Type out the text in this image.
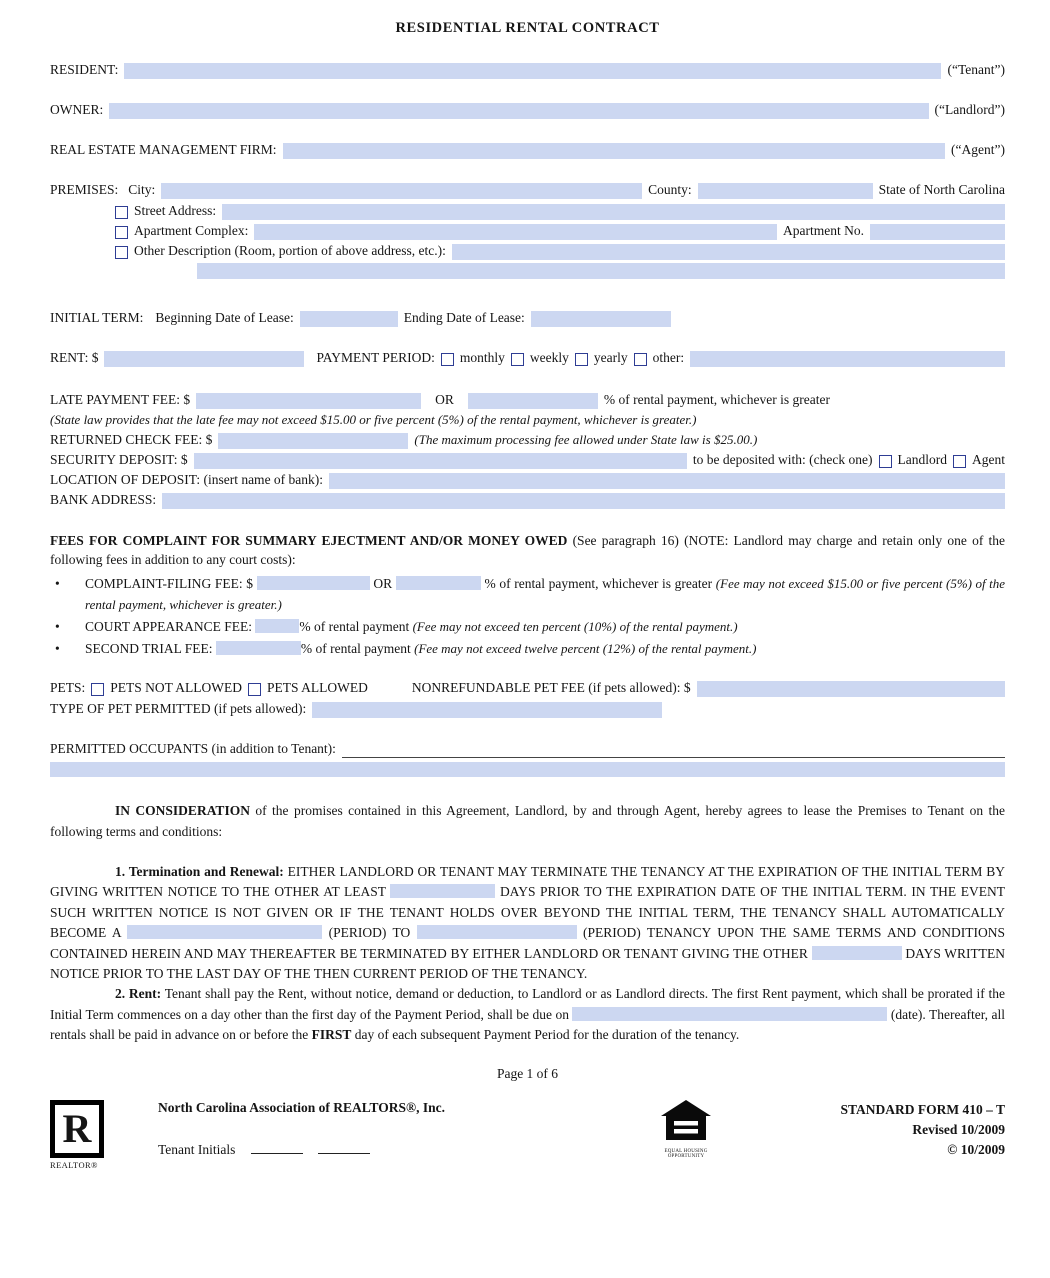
RESIDENTIAL RENTAL CONTRACT
RESIDENT:	(“Tenant”)
OWNER:	(“Landlord”)
REAL ESTATE MANAGEMENT FIRM:	(“Agent”)
PREMISES: City:	County:	State of North Carolina
Street Address:
Apartment Complex:	Apartment No.
Other Description (Room, portion of above address, etc.):
INITIAL TERM: Beginning Date of Lease:	Ending Date of Lease:
RENT: $	PAYMENT PERIOD: monthly weekly yearly other:
LATE PAYMENT FEE: $	OR	% of rental payment, whichever is greater
(State law provides that the late fee may not exceed $15.00 or five percent (5%) of the rental payment, whichever is greater.)
RETURNED CHECK FEE: $	(The maximum processing fee allowed under State law is $25.00.)
SECURITY DEPOSIT: $	to be deposited with: (check one) Landlord Agent
LOCATION OF DEPOSIT: (insert name of bank):
BANK ADDRESS:

FEES FOR COMPLAINT FOR SUMMARY EJECTMENT AND/OR MONEY OWED (See paragraph 16) (NOTE: Landlord may charge and retain only one of the following fees in addition to any court costs):

• COMPLAINT-FILING FEE: $	OR	% of rental payment, whichever is greater (Fee may not exceed $15.00 or five percent (5%) of the rental payment, whichever is greater.)
• COURT APPEARANCE FEE:	% of rental payment (Fee may not exceed ten percent (10%) of the rental payment.)
• SECOND TRIAL FEE:	% of rental payment (Fee may not exceed twelve percent (12%) of the rental payment.)
PETS: PETS NOT ALLOWED PETS ALLOWED	NONREFUNDABLE PET FEE (if pets allowed): $
TYPE OF PET PERMITTED (if pets allowed):
PERMITTED OCCUPANTS (in addition to Tenant):

IN CONSIDERATION of the promises contained in this Agreement, Landlord, by and through Agent, hereby agrees to lease the Premises to Tenant on the following terms and conditions:

1. Termination and Renewal: EITHER LANDLORD OR TENANT MAY TERMINATE THE TENANCY AT THE EXPIRATION OF THE INITIAL TERM BY GIVING WRITTEN NOTICE TO THE OTHER AT LEAST	DAYS PRIOR TO THE EXPIRATION DATE OF THE INITIAL TERM. IN THE EVENT SUCH WRITTEN NOTICE IS NOT GIVEN OR IF THE TENANT HOLDS OVER BEYOND THE INITIAL TERM, THE TENANCY SHALL AUTOMATICALLY BECOME A	(PERIOD) TO	(PERIOD) TENANCY UPON THE SAME TERMS AND CONDITIONS CONTAINED HEREIN AND MAY THEREAFTER BE TERMINATED BY EITHER LANDLORD OR TENANT GIVING THE OTHER	DAYS WRITTEN NOTICE PRIOR TO THE LAST DAY OF THE THEN CURRENT PERIOD OF THE TENANCY.

2. Rent: Tenant shall pay the Rent, without notice, demand or deduction, to Landlord or as Landlord directs. The first Rent payment, which shall be prorated if the Initial Term commences on a day other than the first day of the Payment Period, shall be due on	(date). Thereafter, all rentals shall be paid in advance on or before the FIRST day of each subsequent Payment Period for the duration of the tenancy.

Page 1 of 6
R
REALTOR®
North Carolina Association of REALTORS®, Inc.
Tenant Initials	EQUAL HOUSING OPPORTUNITY
STANDARD FORM 410 – T
Revised 10/2009
© 10/2009
